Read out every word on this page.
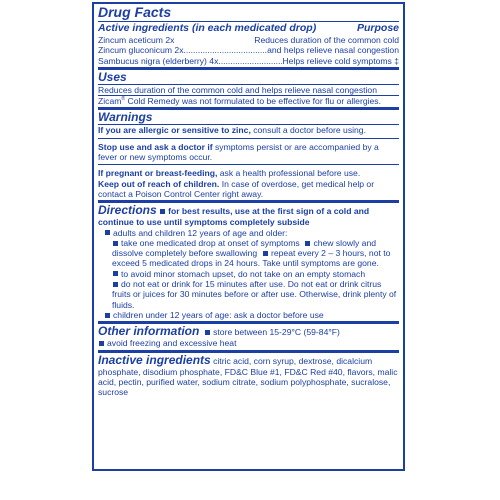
Drug Facts
Active ingredients (in each medicated drop)	Purpose
Zincum aceticum 2x	Reduces duration of the common cold
Zincum gluconicum 2x .....	and helps relieve nasal congestion
Sambucus nigra (elderberry) 4x .....	Helps relieve cold symptoms ‡
Uses

Reduces duration of the common cold and helps relieve nasal congestion

Zicam® Cold Remedy was not formulated to be effective for flu or allergies.

Warnings

If you are allergic or sensitive to zinc, consult a doctor before using.

Stop use and ask a doctor if symptoms persist or are accompanied by a fever or new symptoms occur.

If pregnant or breast-feeding, ask a health professional before use.

Keep out of reach of children. In case of overdose, get medical help or contact a Poison Control Center right away.

Directions for best results, use at the first sign of a cold and continue to use until symptoms completely subside

adults and children 12 years of age and older:

take one medicated drop at onset of symptoms chew slowly and dissolve completely before swallowing repeat every 2 – 3 hours, not to exceed 5 medicated drops in 24 hours. Take until symptoms are gone.

to avoid minor stomach upset, do not take on an empty stomach

do not eat or drink for 15 minutes after use. Do not eat or drink citrus fruits or juices for 30 minutes before or after use. Otherwise, drink plenty of fluids.

children under 12 years of age: ask a doctor before use

Other information store between 15-29°C (59-84°F)

avoid freezing and excessive heat

Inactive ingredients citric acid, corn syrup, dextrose, dicalcium phosphate, disodium phosphate, FD&C Blue #1, FD&C Red #40, flavors, malic acid, pectin, purified water, sodium citrate, sodium polyphosphate, sucralose, sucrose
